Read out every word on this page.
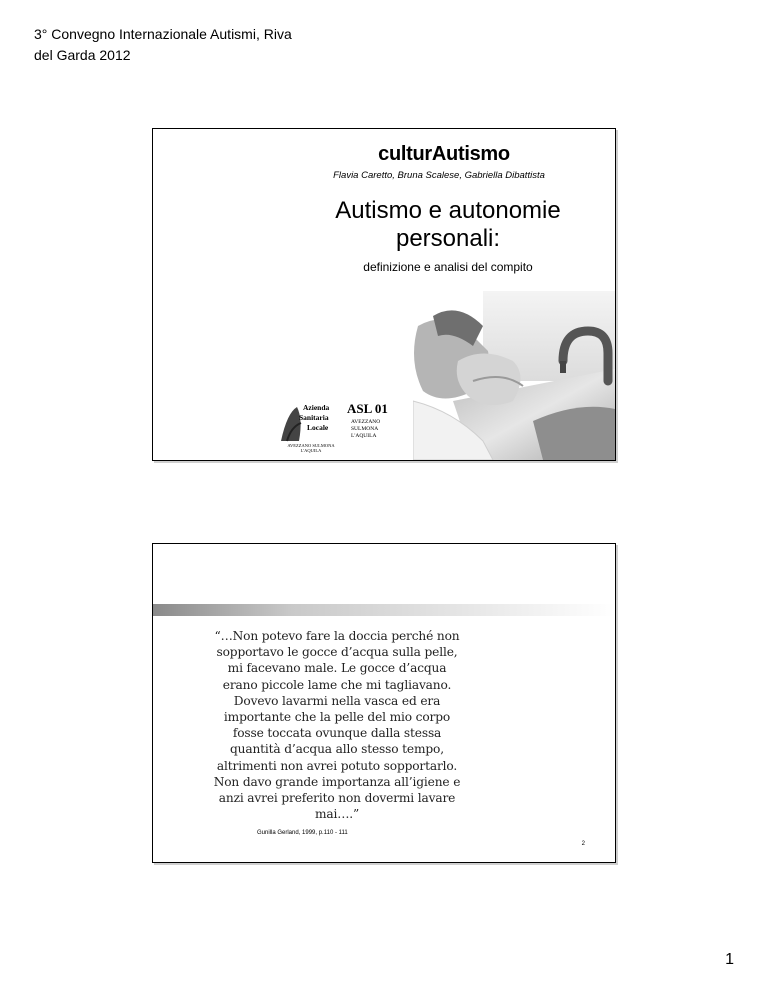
3° Convegno Internazionale Autismi, Riva
del Garda 2012
culturAutismo
Flavia Caretto, Bruna Scalese, Gabriella Dibattista
Autismo e autonomie
personali:
definizione e analisi del compito
Azienda
Sanitaria
Locale
ASL 01
AVEZZANO
SULMONA
L'AQUILA
AVEZZANO SULMONA
L'AQUILA
“…Non potevo fare la doccia perché non
sopportavo le gocce d’acqua sulla pelle,
mi facevano male. Le gocce d’acqua
erano piccole lame che mi tagliavano.
Dovevo lavarmi nella vasca ed era
importante che la pelle del mio corpo
fosse toccata ovunque dalla stessa
quantità d’acqua allo stesso tempo,
altrimenti non avrei potuto sopportarlo.
Non davo grande importanza all’igiene e
anzi avrei preferito non dovermi lavare
mai….”
Gunilla Gerland, 1999, p.110 - 111
2
1
